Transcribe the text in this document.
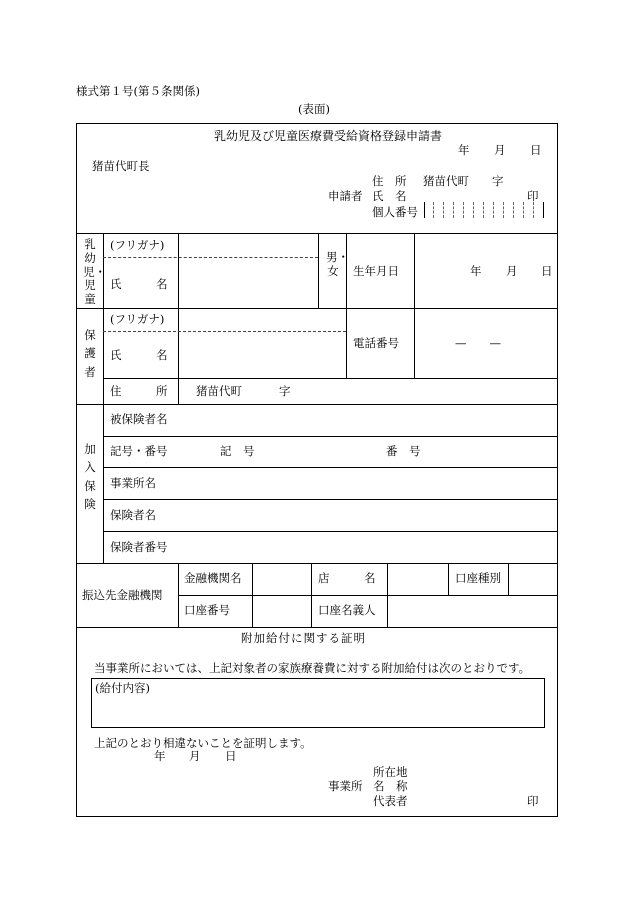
様式第１号(第５条関係)
(表面)
乳幼児及び児童医療費受給資格登録申請書
年 月 日
猪苗代町長
住　所 猪苗代町 字
申請者 氏　名	印
個人番号
乳幼児・児童
(フリガナ)
氏　　　名
男・女 生年月日	年 月 日
保護者
(フリガナ)
氏　　　名
電話番号	—　　—
住　　　所 猪苗代町	字
加入保険
被保険者名
記号・番号	記　号	番　号
事業所名
保険者名
保険者番号
振込先金融機関
金融機関名	店　　　名	口座種別
口座番号	口座名義人
附加給付に関する証明
当事業所においては、上記対象者の家族療養費に対する附加給付は次のとおりです。
(給付内容)
上記のとおり相違ないことを証明します。
年 月 日
所在地
事業所 名　称
代表者	印
